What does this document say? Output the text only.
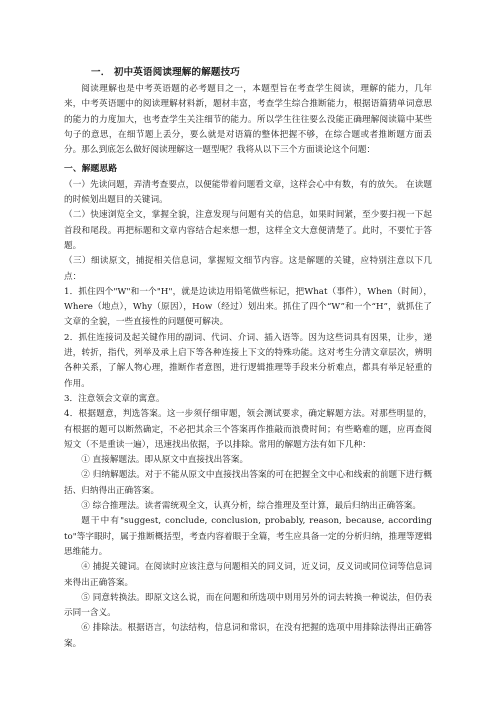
一． 初中英语阅读理解的解题技巧

阅读理解也是中考英语题的必考题目之一，本题型旨在考查学生阅读，理解的能力，几年来，中考英语题中的阅读理解材料新，题材丰富，考查学生综合推断能力，根据语篇猜单词意思的能力的力度加大，也考查学生关注细节的能力。所以学生往往要么没能正确理解阅读篇中某些句子的意思，在细节题上丢分，要么就是对语篇的整体把握不够，在综合题或者推断题方面丢分。那么到底怎么做好阅读理解这一题型呢？我将从以下三个方面谈论这个问题：

一、解题思路

（一）先读问题，弄清考查要点，以便能带着问题看文章，这样会心中有数，有的放矢。 在读题的时候划出题目的关键词。

（二）快速浏览全文，掌握全貌，注意发现与问题有关的信息，如果时间紧，至少要扫视一下起首段和尾段。再把标题和文章内容结合起来想一想，这样全文大意便清楚了。此时，不要忙于答题。

（三）细读原文，捕捉相关信息词，掌握短文细节内容。这是解题的关键，应特别注意以下几点：

1．抓住四个"W"和一个"H"，就是边读边用铅笔做些标记，把What（事件），When（时间），Where（地点），Why（原因），How（经过）划出来。抓住了四个“W”和一个“H”，就抓住了文章的全貌，一些直接性的问题便可解决。

2．抓住连接词及起关键作用的副词、代词、介词、插入语等。因为这些词具有因果，让步，递进，转折，指代，列举及承上启下等各种连接上下文的特殊功能。这对考生分清文章层次，辨明各种关系，了解人物心理，推断作者意图，进行逻辑推理等手段来分析难点，都具有举足轻重的作用。

3．注意领会文章的寓意。

4．根据题意，判选答案。这一步须仔细审题，领会测试要求，确定解题方法。对那些明显的，有根据的题可以断然确定，不必把其余三个答案再作推敲而浪费时间；有些略难的题，应再查阅短文（不是重读一遍），迅速找出依据，予以排除。常用的解题方法有如下几种：

① 直接解题法。即从原文中直接找出答案。

② 归纳解题法。对于不能从原文中直接找出答案的可在把握全文中心和线索的前题下进行概括、归纳得出正确答案。

③ 综合推理法。读者需统观全文，认真分析，综合推理及至计算，最后归纳出正确答案。

题干中有"suggest, conclude, conclusion, probably, reason, because, according to"等字眼时，属于推断概括型，考查内容着眼于全篇，考生应具备一定的分析归纳，推理等逻辑思维能力。

④ 捕捉关键词。在阅读时应该注意与问题相关的同义词，近义词，反义词或同位词等信息词来得出正确答案。

⑤ 同意转换法。即原文这么说，而在问题和所选项中则用另外的词去转换一种说法，但仍表示同一含义。

⑥ 排除法。根据语言，句法结构，信息词和常识，在没有把握的选项中用排除法得出正确答案。
